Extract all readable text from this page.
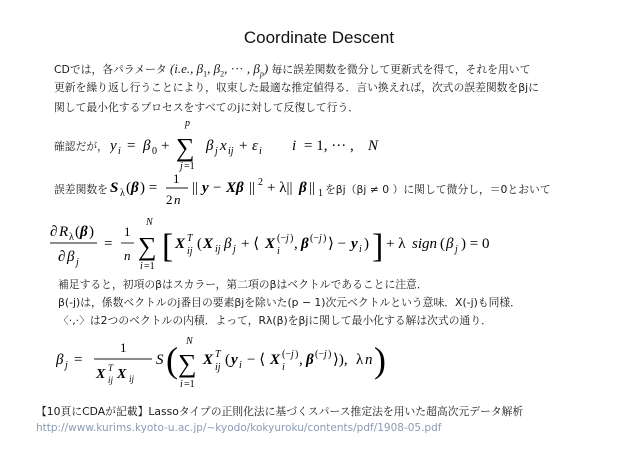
Coordinate Descent
CDでは，各パラメータ (i.e., $\beta_1$, $\beta_2$, ··· , $\beta_p$) 毎に誤差関数を微分して更新式を得て，それを用いて
更新を繰り返し行うことにより，収束した最適な推定値得る．言い換えれば，次式の誤差関数をβjに
関して最小化するプロセスをすべてのjに対して反復して行う．
確認だが， y i = β 0 +
p
∑
j =1
β j x ij + ε i i = 1, ··· , N
誤差関数を S λ ( β ) =
1
2 n
|| y − Xβ || 2 + λ|| β || 1 をβj（βj ≠ 0 ）に関して微分し，＝0とおいて
∂ R λ ( β )
∂ β j
=
1
n
N
∑
i =1
[ X T
ij ( X ij β j + ⟨ X (− j )
i , β (− j ) ⟩ − y i ) ] + λ sign ( β j ) = 0
補足すると，初項のβはスカラー，第二項のβはベクトルであることに注意．
β(-j)は，係数ベクトルのj番目の要素βjを除いた(p − 1)次元ベクトルという意味．X(-j)も同様．
〈·,·〉は2つのベクトルの内積．よって，Rλ(β)をβjに関して最小化する解は次式の通り．
β j =
1
X T
ij X ij
S ( N
∑
i =1
X T
ij ( y i − ⟨ X (− j )
i , β (− j ) ⟩), λ n )
【10頁にCDAが記載】Lassoタイプの正則化法に基づくスパース推定法を用いた超高次元データ解析
http://www.kurims.kyoto-u.ac.jp/~kyodo/kokyuroku/contents/pdf/1908-05.pdf
